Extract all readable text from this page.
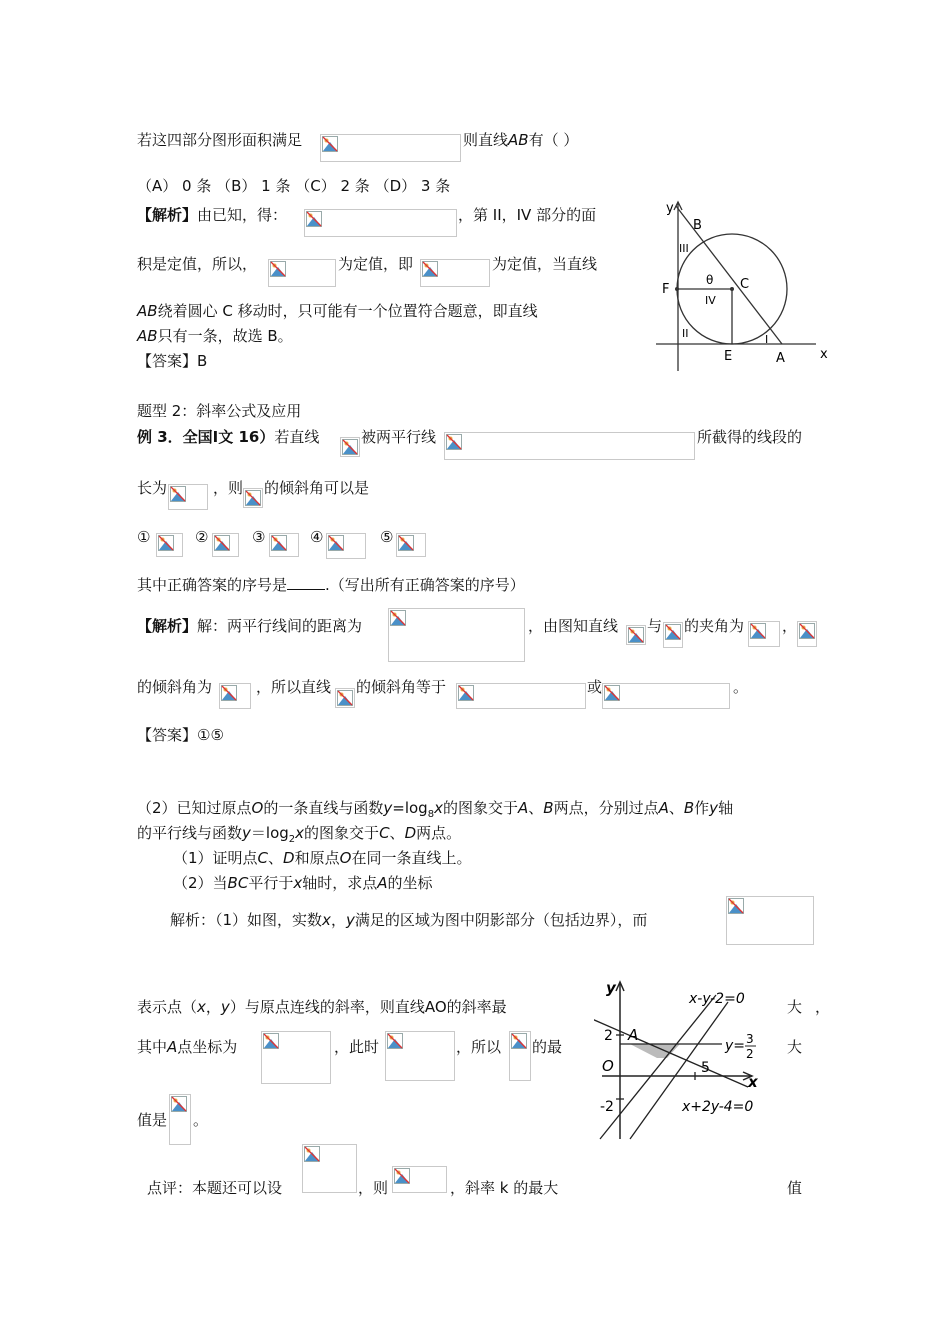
若这四部分图形面积满足	则直线AB有（ ）
（A） 0 条 （B） 1 条 （C） 2 条 （D） 3 条
【解析】由已知，得：	，第 II，IV 部分的面
积是定值，所以，	为定值，即	为定值，当直线
AB绕着圆心 C 移动时，只可能有一个位置符合题意，即直线
AB只有一条，故选 B。
【答案】B
y
x
B
C
F
E	A
θ
III
IV
II	I
题型 2：斜率公式及应用
例 3．全国Ⅰ文 16）若直线	被两平行线	所截得的线段的
长为	，则 的倾斜角可以是
①	②	③	④	⑤
其中正确答案的序号是	.（写出所有正确答案的序号）
【解析】解：两平行线间的距离为	，由图知直线 与 的夹角为	，
的倾斜角为	，所以直线 的倾斜角等于	或	。
【答案】①⑤
（2）已知过原点O的一条直线与函数$y=\log_8x$的图象交于A、B两点，分别过点A、B作y轴
的平行线与函数$y=\log_2x$的图象交于C、D两点。
（1）证明点C、D和原点O在同一条直线上。
（2）当BC平行于x轴时，求点A的坐标
解析：（1）如图，实数x，y满足的区域为图中阴影部分（包括边界），而
表示点（x，y）与原点连线的斜率，则直线AO的斜率最	大 ，
其中A点坐标为	，此时	，所以 的最	大
值是 。
点评：本题还可以设	，则	，斜率 k 的最大	值
y
x
x-y-2=0
y= 3
2
x+2y-4=0
2
5
-2
O
A
